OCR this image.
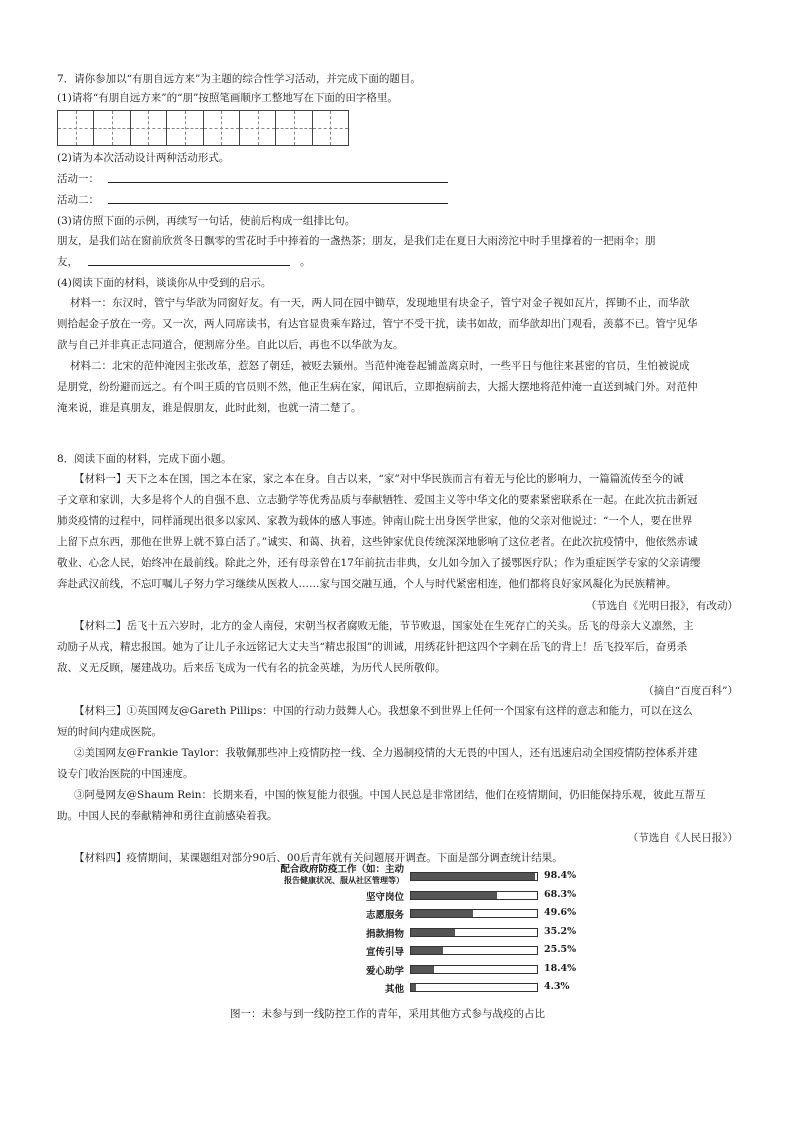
7．请你参加以“有朋自远方来”为主题的综合性学习活动，并完成下面的题目。
(1)请将“有朋自远方来”的“朋”按照笔画顺序工整地写在下面的田字格里。
(2)请为本次活动设计两种活动形式。
活动一：
活动二：
(3)请仿照下面的示例，再续写一句话，使前后构成一组排比句。
朋友，是我们站在窗前欣赏冬日飘零的雪花时手中捧着的一盏热茶；朋友，是我们走在夏日大雨滂沱中时手里撑着的一把雨伞；朋
友，	。
(4)阅读下面的材料，谈谈你从中受到的启示。
材料一：东汉时，管宁与华歆为同窗好友。有一天，两人同在园中锄草，发现地里有块金子，管宁对金子视如瓦片，挥锄不止，而华歆
则拾起金子放在一旁。又一次，两人同席读书，有达官显贵乘车路过，管宁不受干扰，读书如故，而华歆却出门观看，羡慕不已。管宁见华
歆与自己并非真正志同道合，便割席分坐。自此以后，再也不以华歆为友。
材料二：北宋的范仲淹因主张改革，惹怒了朝廷，被贬去颍州。当范仲淹卷起铺盖离京时，一些平日与他往来甚密的官员，生怕被说成
是朋党，纷纷避而远之。有个叫王质的官员则不然，他正生病在家，闻讯后，立即抱病前去，大摇大摆地将范仲淹一直送到城门外。对范仲
淹来说，谁是真朋友，谁是假朋友，此时此刻，也就一清二楚了。
8．阅读下面的材料，完成下面小题。
【材料一】天下之本在国，国之本在家，家之本在身。自古以来，“家”对中华民族而言有着无与伦比的影响力，一篇篇流传至今的诫
子文章和家训，大多是将个人的自强不息、立志勤学等优秀品质与奉献牺牲、爱国主义等中华文化的要素紧密联系在一起。在此次抗击新冠
肺炎疫情的过程中，同样涌现出很多以家风、家教为载体的感人事迹。钟南山院士出身医学世家，他的父亲对他说过：“一个人，要在世界
上留下点东西，那他在世界上就不算白活了。”诚实、和蔼、执着，这些钟家优良传统深深地影响了这位老者。在此次抗疫情中，他依然赤诚
敬业、心念人民，始终冲在最前线。除此之外，还有母亲曾在17年前抗击非典，女儿如今加入了援鄂医疗队；作为重症医学专家的父亲请缨
奔赴武汉前线，不忘叮嘱儿子努力学习继续从医救人……家与国交融互通，个人与时代紧密相连，他们都将良好家风凝化为民族精神。
（节选自《光明日报》，有改动）
【材料二】岳飞十五六岁时，北方的金人南侵，宋朝当权者腐败无能，节节败退，国家处在生死存亡的关头。岳飞的母亲大义凛然，主
动励子从戎，精忠报国。她为了让儿子永远铭记大丈夫当“精忠报国”的训诫，用绣花针把这四个字刺在岳飞的背上！岳飞投军后，奋勇杀
敌、义无反顾，屡建战功。后来岳飞成为一代有名的抗金英雄，为历代人民所敬仰。
（摘自“百度百科”）
【材料三】①英国网友@Gareth Pillips：中国的行动力鼓舞人心。我想象不到世界上任何一个国家有这样的意志和能力，可以在这么
短的时间内建成医院。
②美国网友@Frankie Taylor：我敬佩那些冲上疫情防控一线、全力遏制疫情的大无畏的中国人，还有迅速启动全国疫情防控体系并建
设专门收治医院的中国速度。
③阿曼网友@Shaum Rein：长期来看，中国的恢复能力很强。中国人民总是非常团结，他们在疫情期间，仍旧能保持乐观，彼此互帮互
助。中国人民的奉献精神和勇往直前感染着我。
（节选自《人民日报》）
【材料四】疫情期间，某课题组对部分90后、00后青年就有关问题展开调查。下面是部分调查统计结果。
配合政府防疫工作（如：主动
报告健康状况、服从社区管理等）	98.4%
坚守岗位	68.3%
志愿服务	49.6%
捐款捐物	35.2%
宣传引导	25.5%
爱心助学	18.4%
其他	4.3%
图一：未参与到一线防控工作的青年，采用其他方式参与战疫的占比
